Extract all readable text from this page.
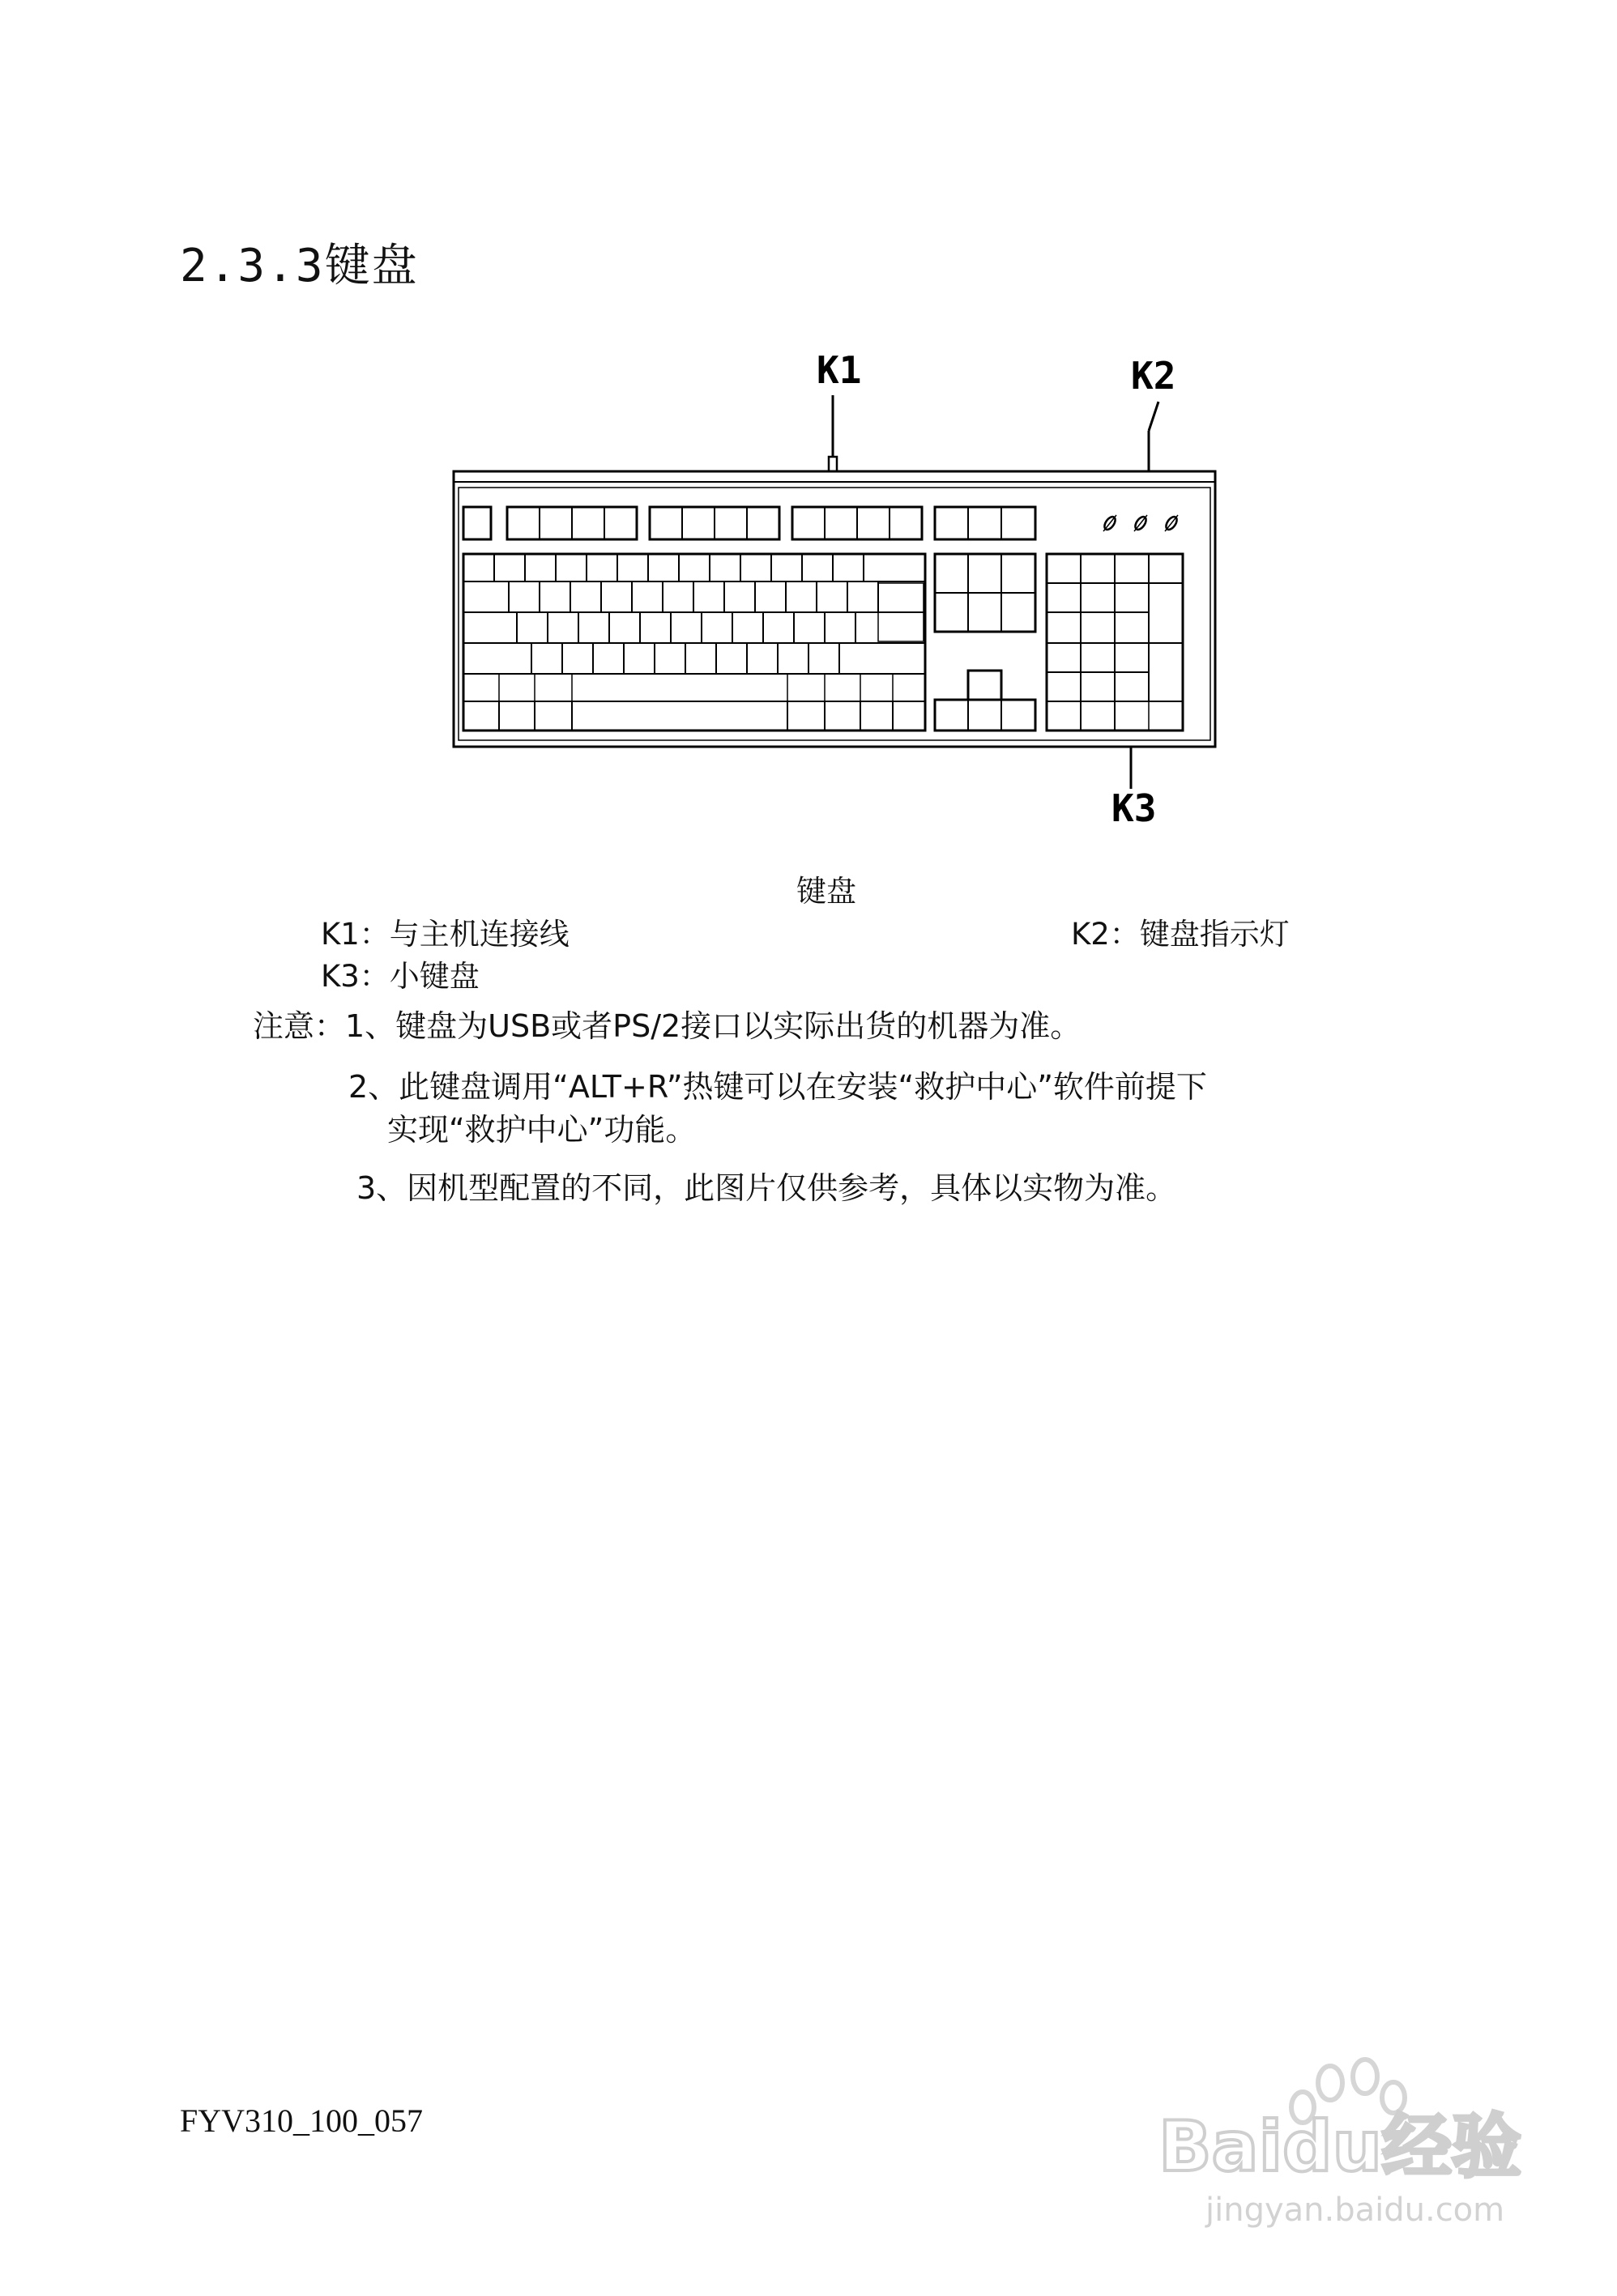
2.3.3键盘
K1	K2
K3
键盘
K1：与主机连接线	K2：键盘指示灯
K3：小键盘
注意：1、键盘为USB或者PS/2接口以实际出货的机器为准。
2、此键盘调用“ALT+R”热键可以在安装“救护中心”软件前提下
实现“救护中心”功能。
3、因机型配置的不同，此图片仅供参考，具体以实物为准。
FYV310_100_057	Baidu经验
jingyan.baidu.com
